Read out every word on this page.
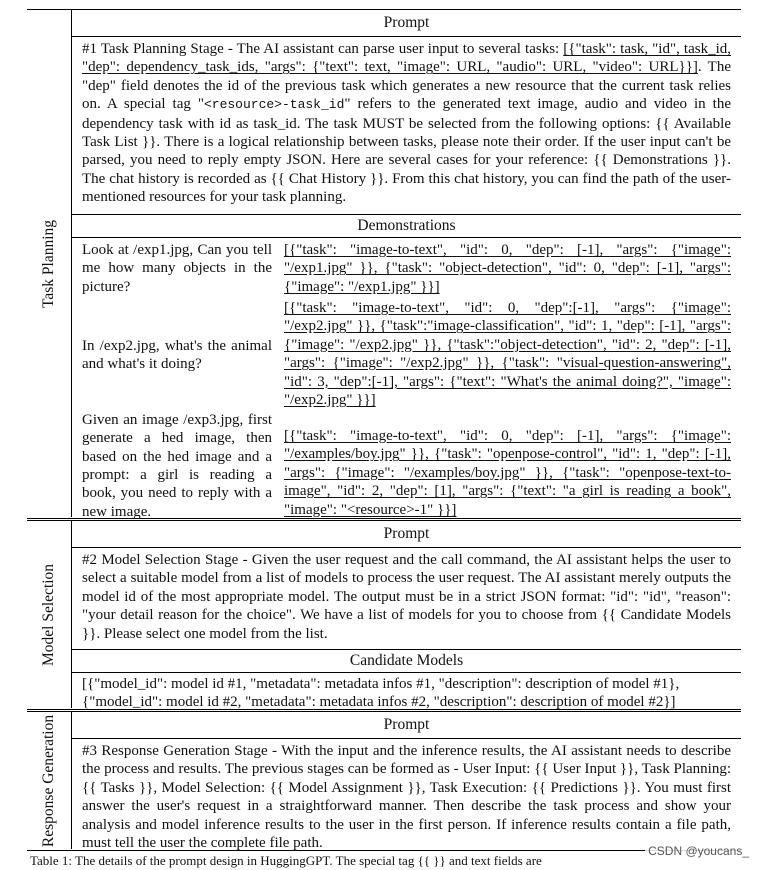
Task Planning
Prompt
#1 Task Planning Stage - The AI assistant can parse user input to several tasks: [{"task": task, "id", task_id, "dep": dependency_task_ids, "args": {"text": text, "image": URL, "audio": URL, "video": URL}}]. The "dep" field denotes the id of the previous task which generates a new resource that the current task relies on. A special tag "<resource>-task_id" refers to the generated text image, audio and video in the dependency task with id as task_id. The task MUST be selected from the following options: {{ Available Task List }}. There is a logical relationship between tasks, please note their order. If the user input can't be parsed, you need to reply empty JSON. Here are several cases for your reference: {{ Demonstrations }}. The chat history is recorded as {{ Chat History }}. From this chat history, you can find the path of the user-mentioned resources for your task planning.
Demonstrations
Look at /exp1.jpg, Can you tell me how many objects in the picture?
[{"task": "image-to-text", "id": 0, "dep": [-1], "args": {"image": "/exp1.jpg" }}, {"task": "object-detection", "id": 0, "dep": [-1], "args": {"image": "/exp1.jpg" }}]
In /exp2.jpg, what's the animal and what's it doing?
[{"task": "image-to-text", "id": 0, "dep":[-1], "args": {"image": "/exp2.jpg" }}, {"task":"image-classification", "id": 1, "dep": [-1], "args": {"image": "/exp2.jpg" }}, {"task":"object-detection", "id": 2, "dep": [-1], "args": {"image": "/exp2.jpg" }}, {"task": "visual-question-answering", "id": 3, "dep":[-1], "args": {"text": "What's the animal doing?", "image": "/exp2.jpg" }}]
Given an image /exp3.jpg, first generate a hed image, then based on the hed image and a prompt: a girl is reading a book, you need to reply with a new image.
[{"task": "image-to-text", "id": 0, "dep": [-1], "args": {"image": "/examples/boy.jpg" }}, {"task": "openpose-control", "id": 1, "dep": [-1], "args": {"image": "/examples/boy.jpg" }}, {"task": "openpose-text-to-image", "id": 2, "dep": [1], "args": {"text": "a girl is reading a book", "image": "<resource>-1" }}]
Model Selection
Prompt
#2 Model Selection Stage - Given the user request and the call command, the AI assistant helps the user to select a suitable model from a list of models to process the user request. The AI assistant merely outputs the model id of the most appropriate model. The output must be in a strict JSON format: "id": "id", "reason": "your detail reason for the choice". We have a list of models for you to choose from {{ Candidate Models }}. Please select one model from the list.
Candidate Models
[{"model_id": model id #1, "metadata": metadata infos #1, "description": description of model #1},
{"model_id": model id #2, "metadata": metadata infos #2, "description": description of model #2}]
Response Generation	Prompt
#3 Response Generation Stage - With the input and the inference results, the AI assistant needs to describe the process and results. The previous stages can be formed as - User Input: {{ User Input }}, Task Planning: {{ Tasks }}, Model Selection: {{ Model Assignment }}, Task Execution: {{ Predictions }}. You must first answer the user's request in a straightforward manner. Then describe the task process and show your analysis and model inference results to the user in the first person. If inference results contain a file path, must tell the user the complete file path.
Table 1: The details of the prompt design in HuggingGPT. The special tag {{ }} and text fields are
CSDN @youcans_
